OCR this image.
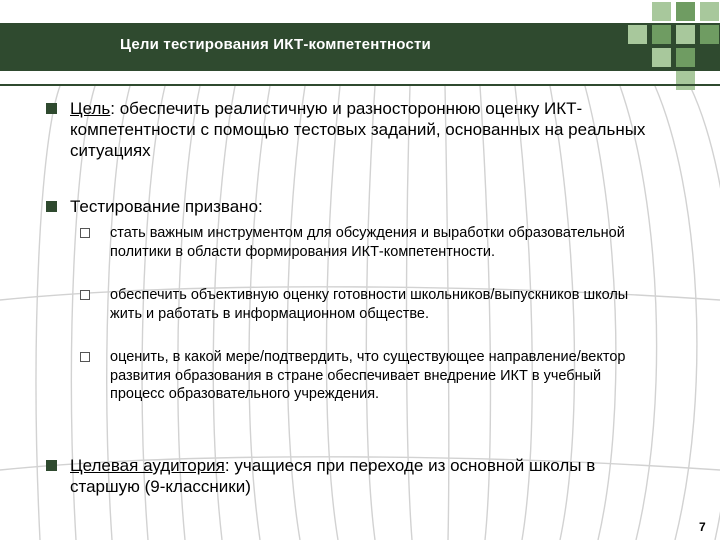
Цели тестирования ИКТ-компетентности
Цель: обеспечить реалистичную и разностороннюю оценку ИКТ-компетентности с помощью тестовых заданий, основанных на реальных ситуациях
Тестирование призвано:
стать важным инструментом для обсуждения и выработки образовательной политики в области формирования ИКТ-компетентности.
обеспечить объективную оценку готовности школьников/выпускников школы жить и работать в информационном обществе.
оценить, в какой мере/подтвердить, что существующее направление/вектор развития образования в стране обеспечивает внедрение ИКТ в учебный процесс образовательного учреждения.
Целевая аудитория: учащиеся при переходе из основной школы в старшую (9-классники)
7
